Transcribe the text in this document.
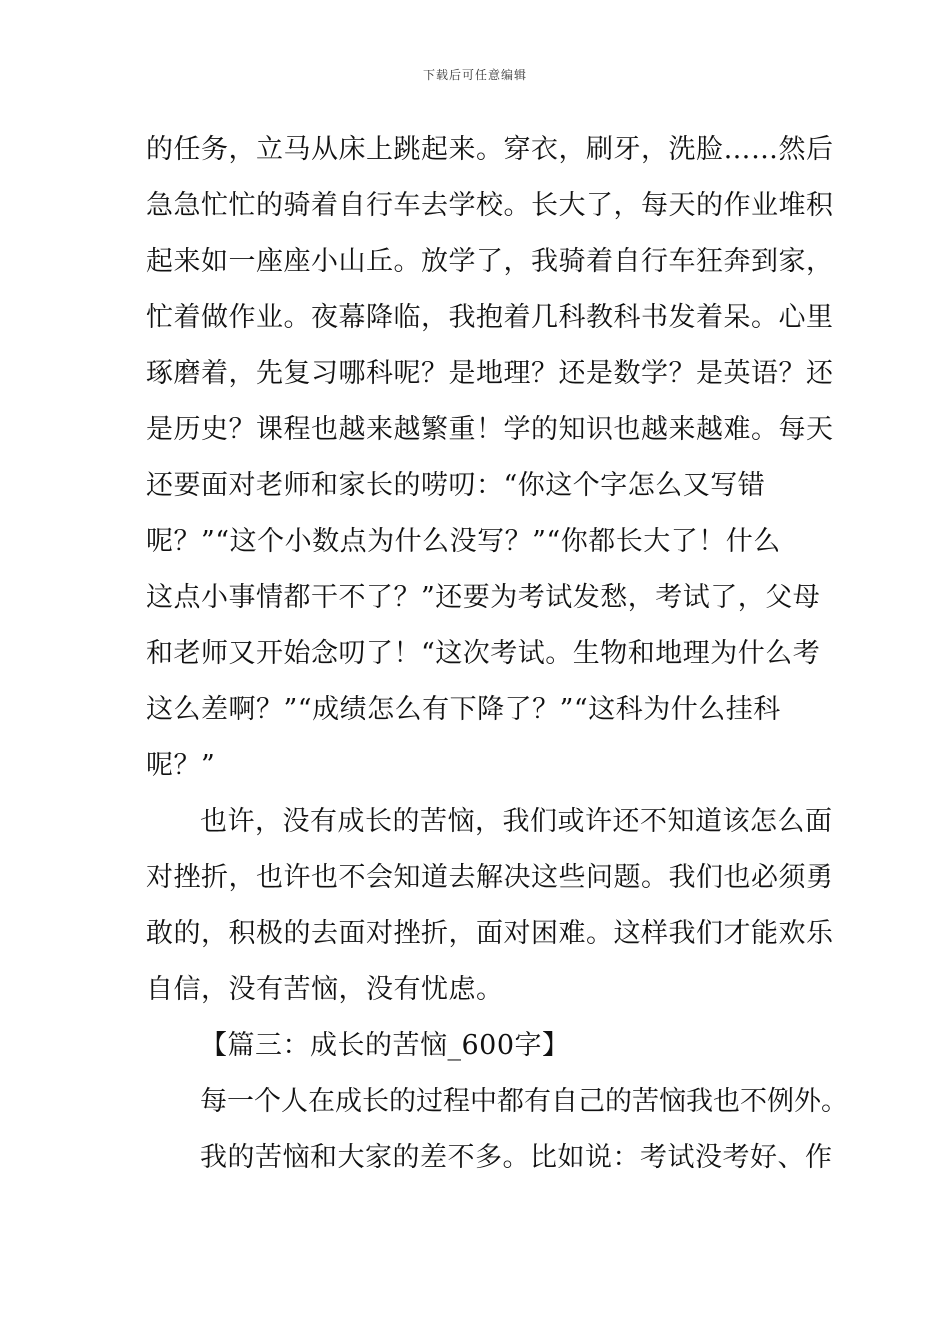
下载后可任意编辑
的任务，立马从床上跳起来。穿衣，刷牙，洗脸……然后
急急忙忙的骑着自行车去学校。长大了，每天的作业堆积
起来如一座座小山丘。放学了，我骑着自行车狂奔到家，
忙着做作业。夜幕降临，我抱着几科教科书发着呆。心里
琢磨着，先复习哪科呢？是地理？还是数学？是英语？还
是历史？课程也越来越繁重！学的知识也越来越难。每天
还要面对老师和家长的唠叨：“你这个字怎么又写错
呢？”“这个小数点为什么没写？”“你都长大了！什么
这点小事情都干不了？”还要为考试发愁，考试了，父母
和老师又开始念叨了！“这次考试。生物和地理为什么考
这么差啊？”“成绩怎么有下降了？”“这科为什么挂科
呢？”
也许，没有成长的苦恼，我们或许还不知道该怎么面
对挫折，也许也不会知道去解决这些问题。我们也必须勇
敢的，积极的去面对挫折，面对困难。这样我们才能欢乐
自信，没有苦恼，没有忧虑。
【篇三：成长的苦恼_600字】
每一个人在成长的过程中都有自己的苦恼我也不例外。
我的苦恼和大家的差不多。比如说：考试没考好、作
